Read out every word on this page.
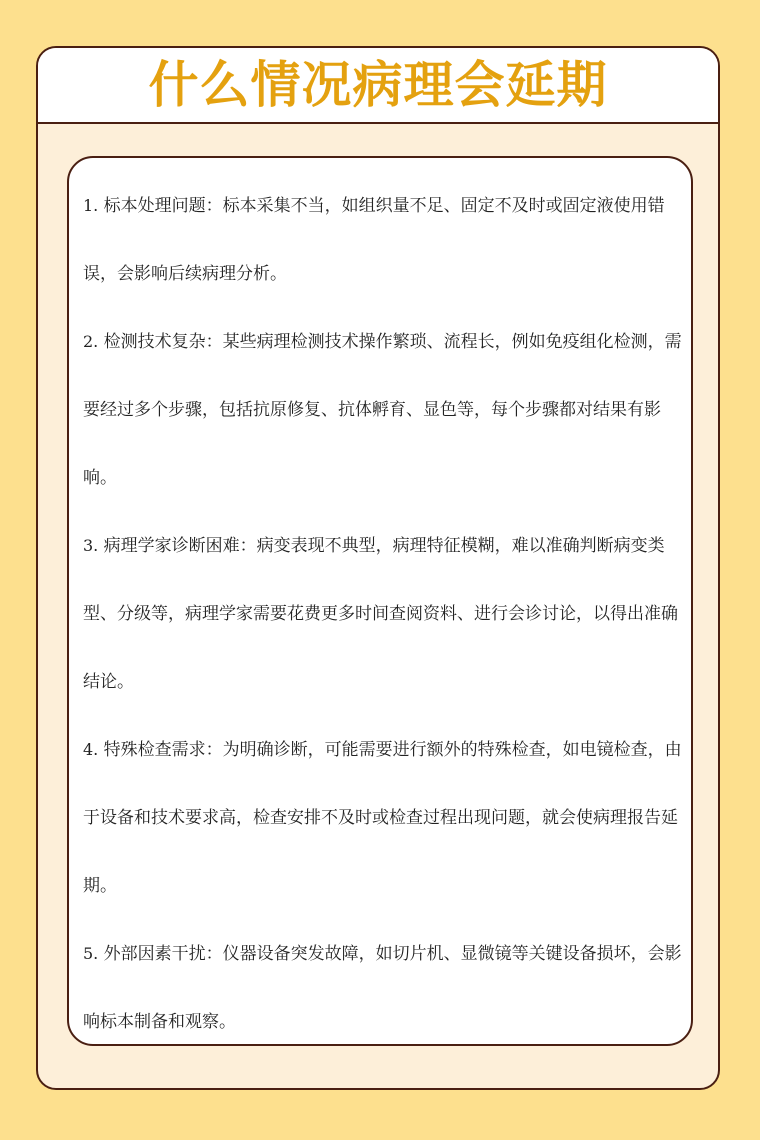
什么情况病理会延期

1. 标本处理问题：标本采集不当，如组织量不足、固定不及时或固定液使用错误，会影响后续病理分析。

2. 检测技术复杂：某些病理检测技术操作繁琐、流程长，例如免疫组化检测，需要经过多个步骤，包括抗原修复、抗体孵育、显色等，每个步骤都对结果有影响。

3. 病理学家诊断困难：病变表现不典型，病理特征模糊，难以准确判断病变类型、分级等，病理学家需要花费更多时间查阅资料、进行会诊讨论，以得出准确结论。

4. 特殊检查需求：为明确诊断，可能需要进行额外的特殊检查，如电镜检查，由于设备和技术要求高，检查安排不及时或检查过程出现问题，就会使病理报告延期。

5. 外部因素干扰：仪器设备突发故障，如切片机、显微镜等关键设备损坏，会影响标本制备和观察。
